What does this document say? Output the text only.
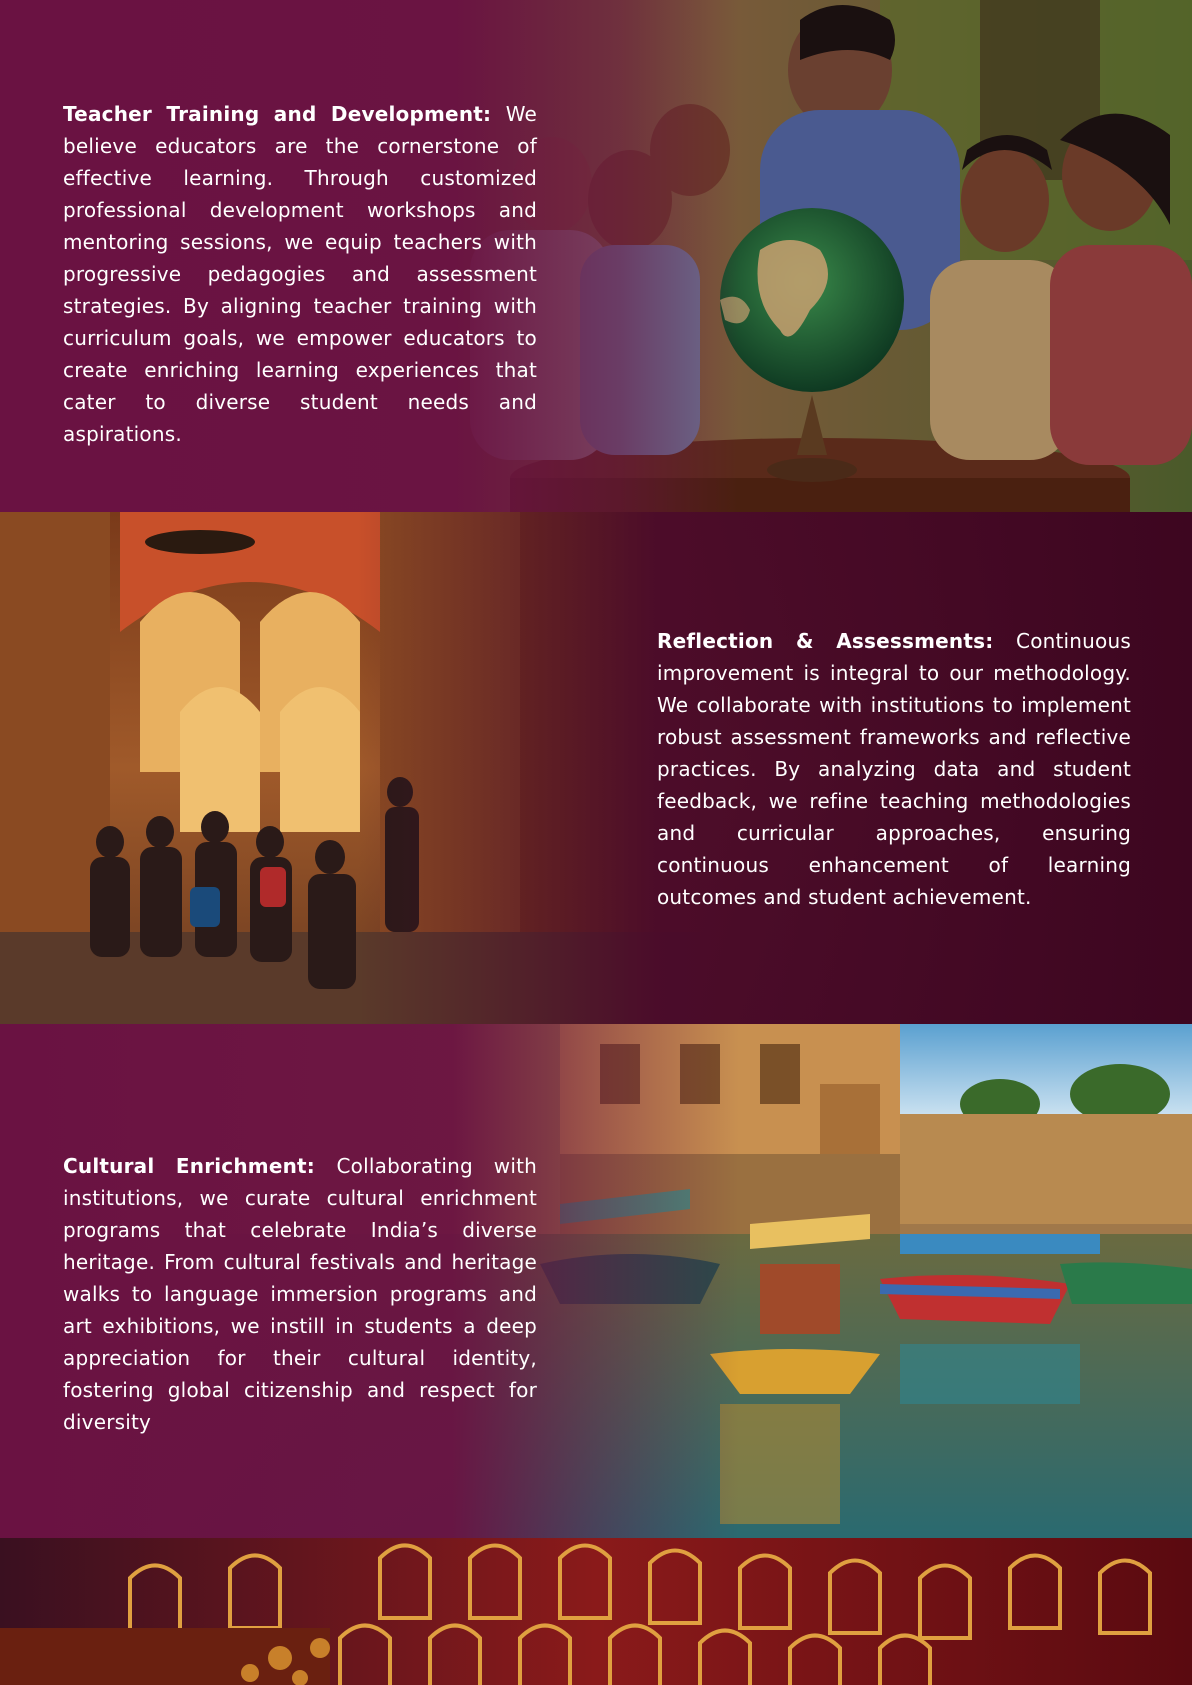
Teacher Training and Development: We believe educators are the cornerstone of effective learning. Through customized professional development workshops and mentoring sessions, we equip teachers with progressive pedagogies and assessment strategies. By aligning teacher training with curriculum goals, we empower educators to create enriching learning experiences that cater to diverse student needs and aspirations.
Reflection & Assessments: Continuous improvement is integral to our methodology. We collaborate with institutions to implement robust assessment frameworks and reflective practices. By analyzing data and student feedback, we refine teaching methodologies and curricular approaches, ensuring continuous enhancement of learning outcomes and student achievement.
Cultural Enrichment: Collaborating with institutions, we curate cultural enrichment programs that celebrate India’s diverse heritage. From cultural festivals and heritage walks to language immersion programs and art exhibitions, we instill in students a deep appreciation for their cultural identity, fostering global citizenship and respect for diversity
